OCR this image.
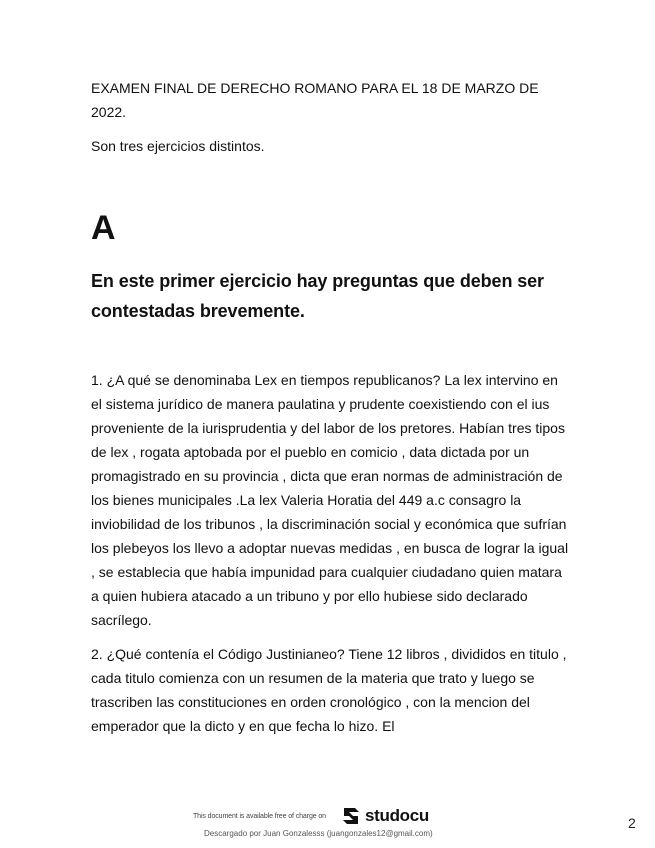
EXAMEN FINAL DE DERECHO ROMANO PARA EL 18 DE MARZO DE 2022.

Son tres ejercicios distintos.

A
En este primer ejercicio hay preguntas que deben ser contestadas brevemente.

1. ¿A qué se denominaba Lex en tiempos republicanos? La lex intervino en el sistema jurídico de manera paulatina y prudente coexistiendo con el ius proveniente de la iurisprudentia y del labor de los pretores. Habían tres tipos de lex , rogata aptobada por el pueblo en comicio , data dictada por un promagistrado en su provincia , dicta que eran normas de administración de los bienes municipales .La lex Valeria Horatia del 449 a.c consagro la inviobilidad de los tribunos , la discriminación social y económica que sufrían los plebeyos los llevo a adoptar nuevas medidas , en busca de lograr la igual , se establecia que había impunidad para cualquier ciudadano quien matara a quien hubiera atacado a un tribuno y por ello hubiese sido declarado sacrílego.

2. ¿Qué contenía el Código Justinianeo? Tiene 12 libros , divididos en titulo , cada titulo comienza con un resumen de la materia que trato y luego se trascriben las constituciones en orden cronológico , con la mencion del emperador que la dicto y en que fecha lo hizo. El

This document is available free of charge on studocu
Descargado por Juan Gonzalesss (juangonzales12@gmail.com)
2
